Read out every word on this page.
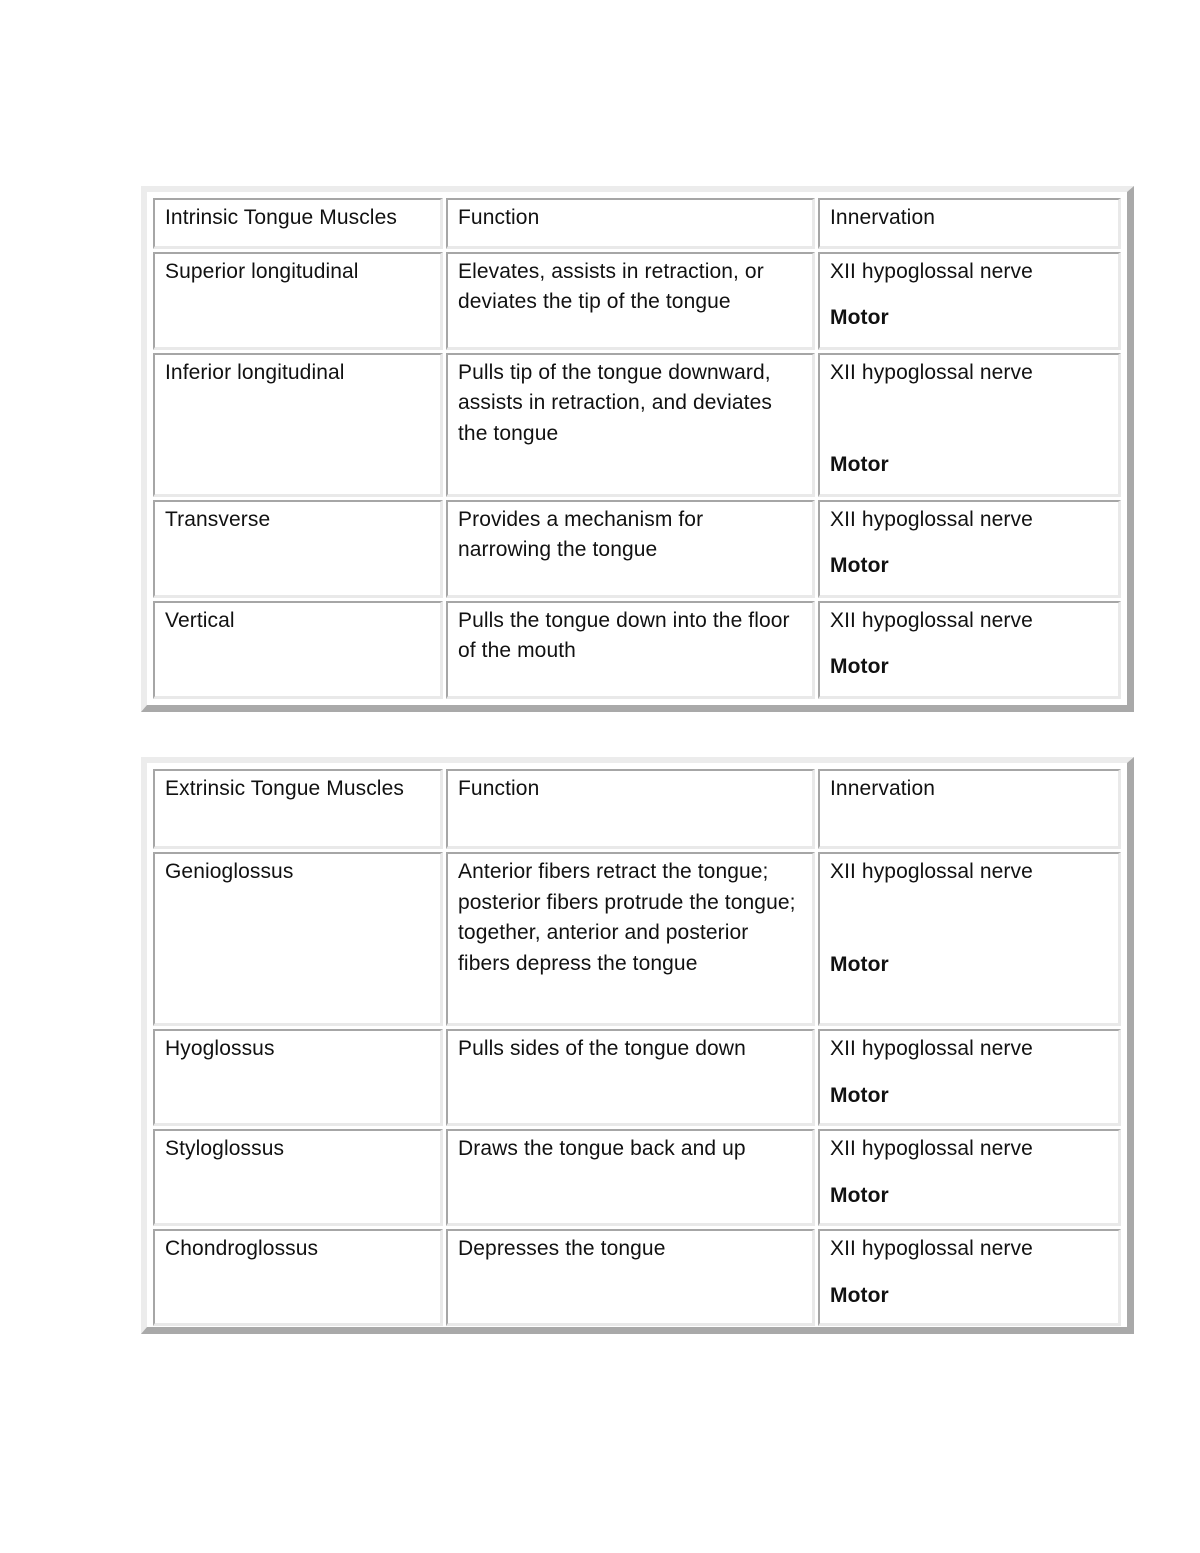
Intrinsic Tongue Muscles	Function	Innervation
Superior longitudinal	Elevates, assists in retraction, or deviates the tip of the tongue	XII hypoglossal nerve
Motor

Inferior longitudinal	Pulls tip of the tongue downward, assists in retraction, and deviates the tongue	XII hypoglossal nerve
Motor

Transverse	Provides a mechanism for narrowing the tongue	XII hypoglossal nerve
Motor

Vertical	Pulls the tongue down into the floor of the mouth	XII hypoglossal nerve
Motor
Extrinsic Tongue Muscles	Function	Innervation
Genioglossus	Anterior fibers retract the tongue; posterior fibers protrude the tongue; together, anterior and posterior fibers depress the tongue	XII hypoglossal nerve
Motor

Hyoglossus	Pulls sides of the tongue down	XII hypoglossal nerve
Motor

Styloglossus	Draws the tongue back and up	XII hypoglossal nerve
Motor

Chondroglossus	Depresses the tongue	XII hypoglossal nerve
Motor
